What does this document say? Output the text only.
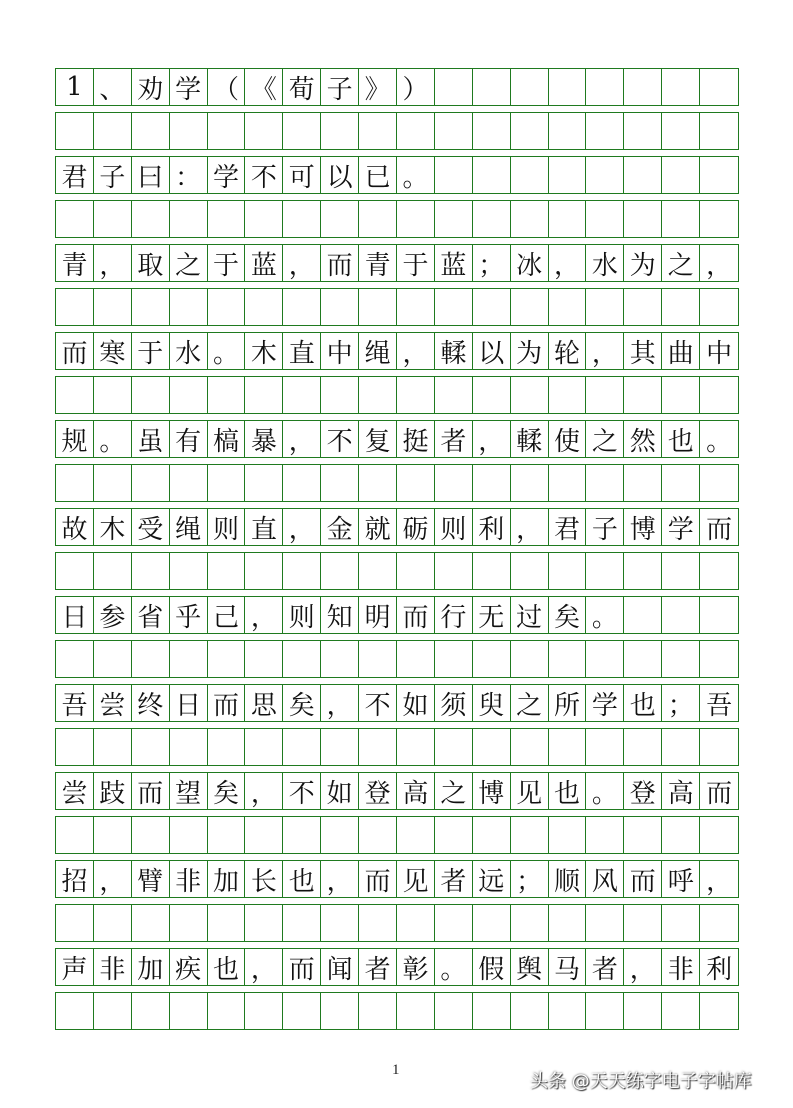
1 、 劝 学 （ 《 荀 子 》 ）
君 子 曰 ： 学 不 可 以 已 。
青 ， 取 之 于 蓝 ， 而 青 于 蓝 ； 冰 ， 水 为 之 ，
而 寒 于 水 。 木 直 中 绳 ， 輮 以 为 轮 ， 其 曲 中
规 。 虽 有 槁 暴 ， 不 复 挺 者 ， 輮 使 之 然 也 。
故 木 受 绳 则 直 ， 金 就 砺 则 利 ， 君 子 博 学 而
日 参 省 乎 己 ， 则 知 明 而 行 无 过 矣 。
吾 尝 终 日 而 思 矣 ， 不 如 须 臾 之 所 学 也 ； 吾
尝 跂 而 望 矣 ， 不 如 登 高 之 博 见 也 。 登 高 而
招 ， 臂 非 加 长 也 ， 而 见 者 远 ； 顺 风 而 呼 ，
声 非 加 疾 也 ， 而 闻 者 彰 。 假 舆 马 者 ， 非 利
1
头条 @天天练字电子字帖库
